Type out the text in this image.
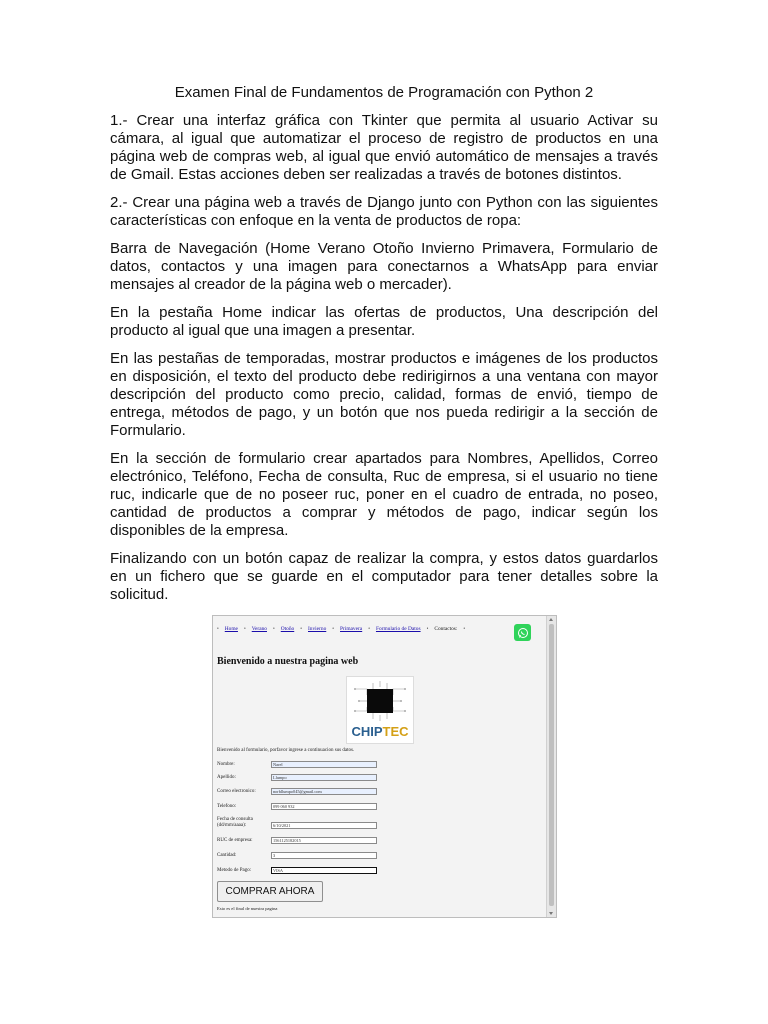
Examen Final de Fundamentos de Programación con Python 2

1.- Crear una interfaz gráfica con Tkinter que permita al usuario Activar su cámara, al igual que automatizar el proceso de registro de productos en una página web de compras web, al igual que envió automático de mensajes a través de Gmail. Estas acciones deben ser realizadas a través de botones distintos.

2.- Crear una página web a través de Django junto con Python con las siguientes características con enfoque en la venta de productos de ropa:

Barra de Navegación (Home Verano Otoño Invierno Primavera, Formulario de datos, contactos y una imagen para conectarnos a WhatsApp para enviar mensajes al creador de la página web o mercader).

En la pestaña Home indicar las ofertas de productos, Una descripción del producto al igual que una imagen a presentar.

En las pestañas de temporadas, mostrar productos e imágenes de los productos en disposición, el texto del producto debe redirigirnos a una ventana con mayor descripción del producto como precio, calidad, formas de envió, tiempo de entrega, métodos de pago, y un botón que nos pueda redirigir a la sección de Formulario.

En la sección de formulario crear apartados para Nombres, Apellidos, Correo electrónico, Teléfono, Fecha de consulta, Ruc de empresa, si el usuario no tiene ruc, indicarle que de no poseer ruc, poner en el cuadro de entrada, no poseo, cantidad de productos a comprar y métodos de pago, indicar según los disponibles de la empresa.

Finalizando con un botón capaz de realizar la compra, y estos datos guardarlos en un fichero que se guarde en el computador para tener detalles sobre la solicitud.

• Home • Verano • Otoño • Invierno • Primavera • Formulario de Datos • Contactos: •
Bienvenido a nuestra pagina web
CHIPTEC
Bienvenido al formulario, porfavor ingrese a continuacion sus datos.
Nombre:	Narel
Apellido:	Llumpo
Correo electronico:	norbllumpo045@gmail.com
Telefono:	099 060 932
Fecha de consulta (dd/mm/aaaa):	6/10/2021
RUC de empresa:	1561125182015
Cantidad:	3
Metodo de Pago:	VISA
COMPRAR AHORA
Esto es el final de nuestra pagina
